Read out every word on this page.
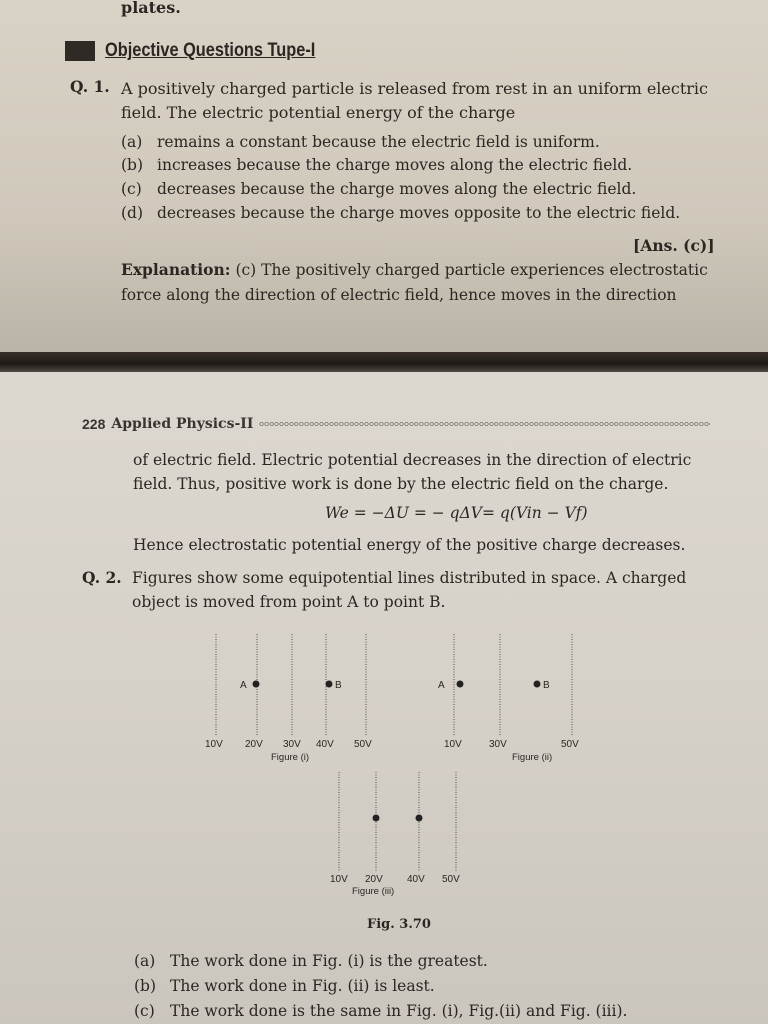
plates.
Objective Questions Tupe-I
Q. 1. A positively charged particle is released from rest in an uniform electric
field. The electric potential energy of the charge
(a) remains a constant because the electric field is uniform.
(b) increases because the charge moves along the electric field.
(c) decreases because the charge moves along the electric field.
(d) decreases because the charge moves opposite to the electric field.
[Ans. (c)]
Explanation: (c) The positively charged particle experiences electrostatic
force along the direction of electric field, hence moves in the direction
228 Applied Physics-II
of electric field. Electric potential decreases in the direction of electric
field. Thus, positive work is done by the electric field on the charge.
We = −ΔU = − qΔV= q(Vin − Vf)
Hence electrostatic potential energy of the positive charge decreases.
Q. 2. Figures show some equipotential lines distributed in space. A charged
object is moved from point A to point B.
A	B
10V 20V 30V 40V 50V
Figure (i)
A	B
10V	30V	50V
Figure (ii)
10V 20V 40V 50V
Figure (iii)
Fig. 3.70
(a) The work done in Fig. (i) is the greatest.
(b) The work done in Fig. (ii) is least.
(c) The work done is the same in Fig. (i), Fig.(ii) and Fig. (iii).
